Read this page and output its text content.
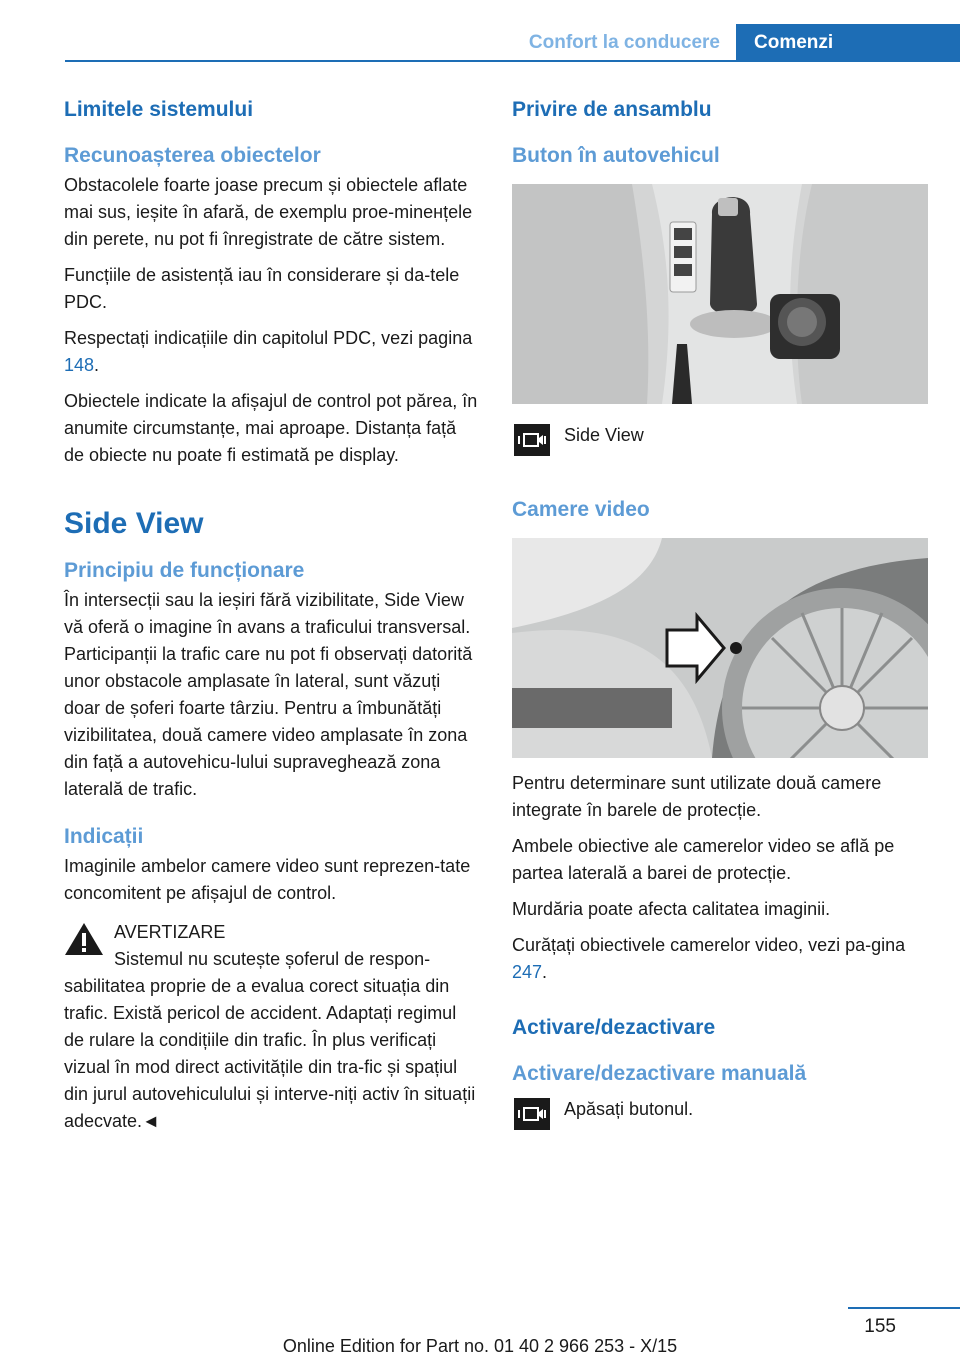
Confort la conducere	Comenzi
Limitele sistemului
Recunoașterea obiectelor
Obstacolele foarte joase precum și obiectele aflate mai sus, ieșite în afară, de exemplu proe-mineнțele din perete, nu pot fi înregistrate de către sistem.
Funcțiile de asistență iau în considerare și da-tele PDC.
Respectați indicațiile din capitolul PDC, vezi pagina 148.
Obiectele indicate la afișajul de control pot părea, în anumite circumstanțe, mai aproape. Distanța față de obiecte nu poate fi estimată pe display.
Side View
Principiu de funcționare
În intersecții sau la ieșiri fără vizibilitate, Side View vă oferă o imagine în avans a traficului transversal. Participanții la trafic care nu pot fi observați datorită unor obstacole amplasate în lateral, sunt văzuți doar de șoferi foarte târziu. Pentru a îmbunătăți vizibilitatea, două camere video amplasate în zona din față a autovehicu-lului supraveghează zona laterală de trafic.
Indicații
Imaginile ambelor camere video sunt reprezen-tate concomitent pe afișajul de control.
AVERTIZARE
Sistemul nu scutește șoferul de respon-
sabilitatea proprie de a evalua corect situația din trafic. Există pericol de accident. Adaptați regimul de rulare la condițiile din trafic. În plus verificați vizual în mod direct activitățile din tra-fic și spațiul din jurul autovehiculului și interve-niți activ în situații adecvate.◄
Privire de ansamblu
Buton în autovehicul
Side View
Camere video
Pentru determinare sunt utilizate două camere integrate în barele de protecție.
Ambele obiective ale camerelor video se află pe partea laterală a barei de protecție.
Murdăria poate afecta calitatea imaginii.
Curățați obiectivele camerelor video, vezi pa-gina 247.
Activare/dezactivare
Activare/dezactivare manuală
Apăsați butonul.
155
Online Edition for Part no. 01 40 2 966 253 - X/15
